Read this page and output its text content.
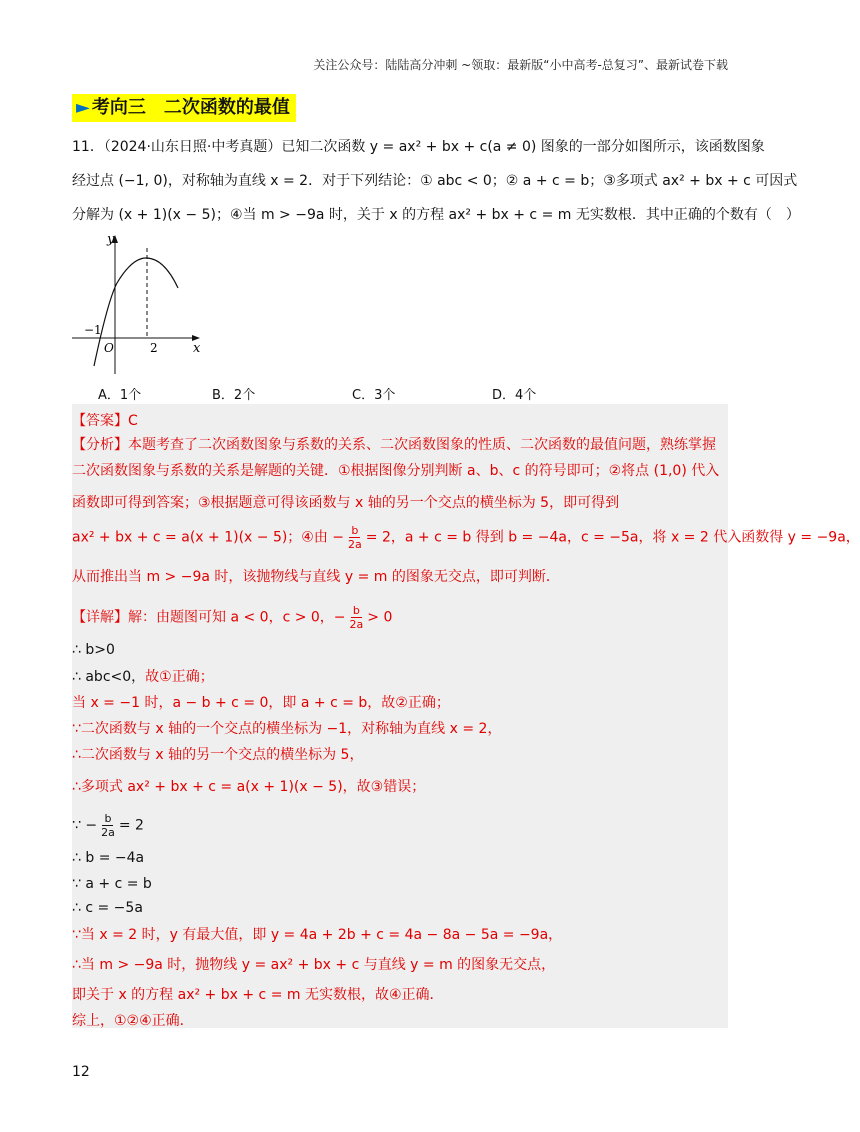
关注公众号：陆陆高分冲刺 ~领取：最新版“小中高考-总复习”、最新试卷下载
► 考向三　二次函数的最值
11．（2024·山东日照·中考真题）已知二次函数 y = ax² + bx + c(a ≠ 0) 图象的一部分如图所示，该函数图象
经过点 (−1, 0)，对称轴为直线 x = 2．对于下列结论：① abc < 0；② a + c = b；③多项式 ax² + bx + c 可因式
分解为 (x + 1)(x − 5)；④当 m > −9a 时，关于 x 的方程 ax² + bx + c = m 无实数根．其中正确的个数有（　）
y
x
O
−1
2
A．1个	B．2个	C．3个	D．4个
【答案】C
【分析】本题考查了二次函数图象与系数的关系、二次函数图象的性质、二次函数的最值问题，熟练掌握
二次函数图象与系数的关系是解题的关键．①根据图像分别判断 a、b、c 的符号即可；②将点 (1,0) 代入
函数即可得到答案；③根据题意可得该函数与 x 轴的另一个交点的横坐标为 5，即可得到
ax² + bx + c = a(x + 1)(x − 5)；④由 − $\frac{b}{2a} = 2$，a + c = b 得到 b = −4a，c = −5a，将 x = 2 代入函数得 y = −9a，
从而推出当 m > −9a 时，该抛物线与直线 y = m 的图象无交点，即可判断．
【详解】解：由题图可知 a < 0，c > 0，− $\frac{b}{2a} > 0$
∴ b>0
∴ abc<0，故①正确；
当 x = −1 时，a − b + c = 0，即 a + c = b，故②正确；
∵二次函数与 x 轴的一个交点的横坐标为 −1，对称轴为直线 x = 2，
∴二次函数与 x 轴的另一个交点的横坐标为 5，
∴多项式 ax² + bx + c = a(x + 1)(x − 5)，故③错误；
∵ − $\frac{b}{2a} = 2$
∴ b = −4a
∵ a + c = b
∴ c = −5a
∵当 x = 2 时，y 有最大值，即 y = 4a + 2b + c = 4a − 8a − 5a = −9a，
∴当 m > −9a 时，抛物线 y = ax² + bx + c 与直线 y = m 的图象无交点，
即关于 x 的方程 ax² + bx + c = m 无实数根，故④正确．
综上，①②④正确．
12
